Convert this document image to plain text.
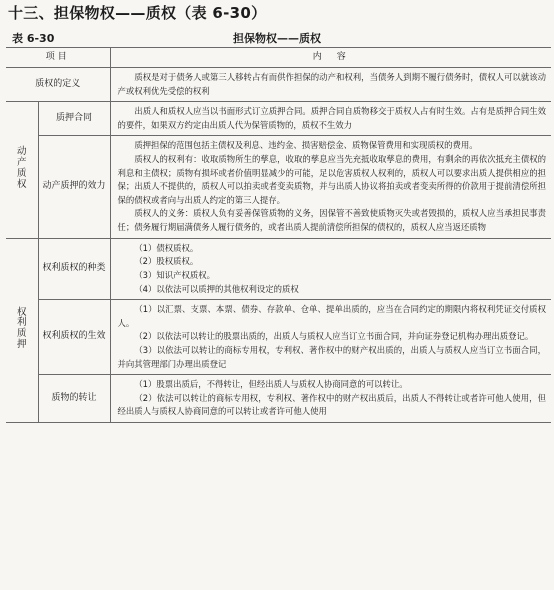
十三、担保物权——质权（表 6-30）
担保物权——质权
表 6-30
项目		内　容
质权的定义		质权是对于债务人或第三人移转占有而供作担保的动产和权利，当债务人到期不履行债务时，债权人可以就该动产或权利优先受偿的权利

动产质权	质押合同	出质人和质权人应当以书面形式订立质押合同。质押合同自质物移交于质权人占有时生效。占有是质押合同生效的要件，如果双方约定由出质人代为保管质物的，质权不生效力

	动产质押的效力	质押担保的范围包括主债权及利息、违约金、损害赔偿金、质物保管费用和实现质权的费用。

质权人的权利有：收取质物所生的孳息，收取的孳息应当先充抵收取孳息的费用，有剩余的再依次抵充主债权的利息和主债权；质物有损坏或者价值明显减少的可能，足以危害质权人权利的，质权人可以要求出质人提供相应的担保；出质人不提供的，质权人可以拍卖或者变卖质物，并与出质人协议将拍卖或者变卖所得的价款用于提前清偿所担保的债权或者向与出质人约定的第三人提存。

质权人的义务：质权人负有妥善保管质物的义务，因保管不善致使质物灭失或者毁损的，质权人应当承担民事责任；债务履行期届满债务人履行债务的，或者出质人提前清偿所担保的债权的，质权人应当返还质物

权利质押	权利质权的种类	（1）债权质权。

（2）股权质权。

（3）知识产权质权。

（4）以依法可以质押的其他权利设定的质权

	权利质权的生效	（1）以汇票、支票、本票、债券、存款单、仓单、提单出质的，应当在合同约定的期限内将权利凭证交付质权人。

（2）以依法可以转让的股票出质的，出质人与质权人应当订立书面合同，并向证券登记机构办理出质登记。

（3）以依法可以转让的商标专用权，专利权、著作权中的财产权出质的，出质人与质权人应当订立书面合同，并向其管理部门办理出质登记

	质物的转让	（1）股票出质后，不得转让，但经出质人与质权人协商同意的可以转让。

（2）依法可以转让的商标专用权，专利权、著作权中的财产权出质后，出质人不得转让或者许可他人使用，但经出质人与质权人协商同意的可以转让或者许可他人使用
